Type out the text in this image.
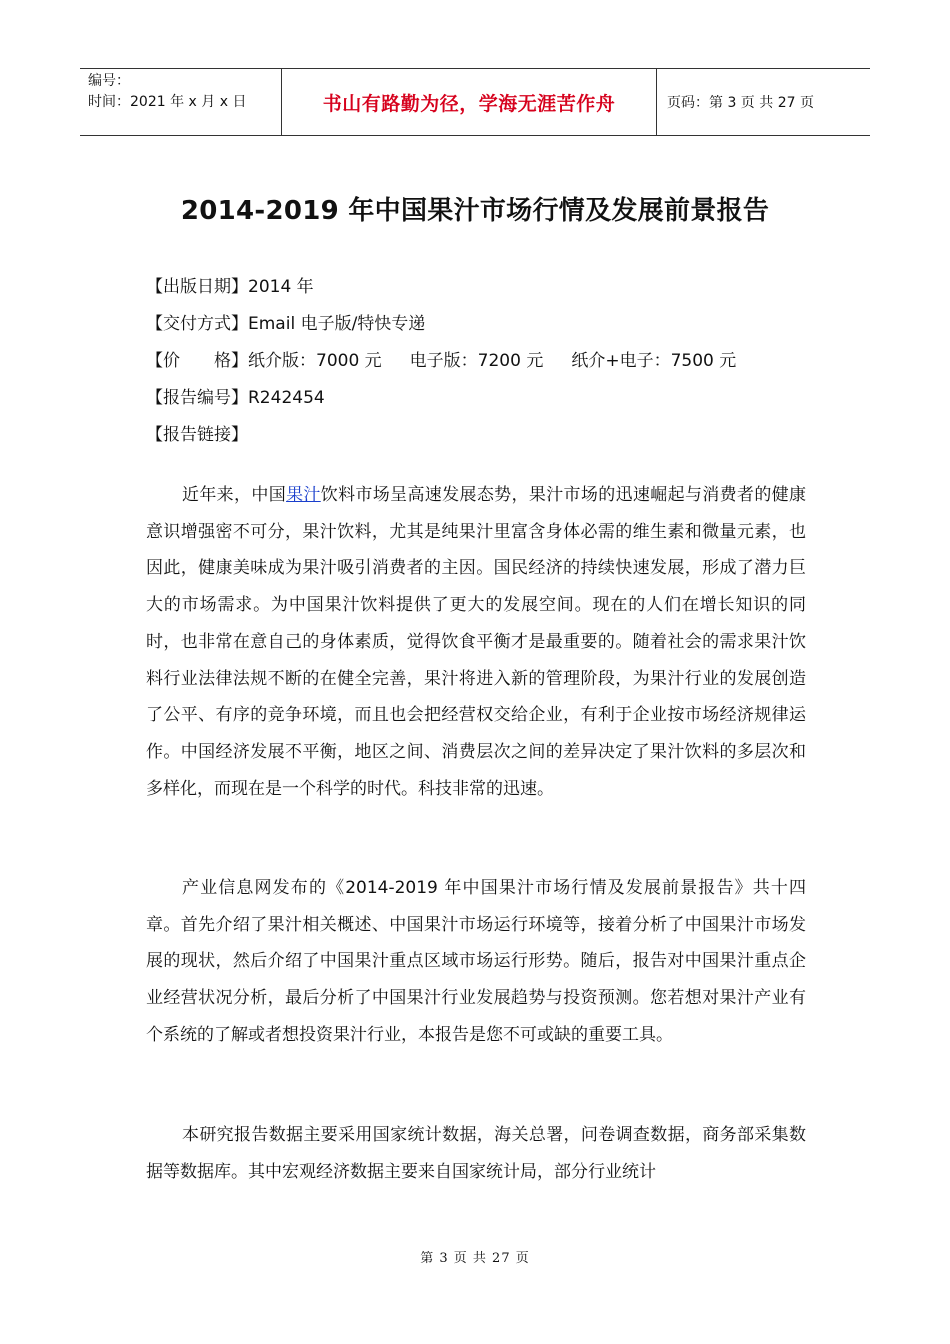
编号：
时间：2021 年 x 月 x 日	书山有路勤为径，学海无涯苦作舟	页码：第 3 页 共 27 页
2014-2019 年中国果汁市场行情及发展前景报告
【出版日期】2014 年
【交付方式】Email 电子版/特快专递
【价　　格】纸介版：7000 元 电子版：7200 元 纸介+电子：7500 元
【报告编号】R242454
【报告链接】

近年来，中国果汁饮料市场呈高速发展态势，果汁市场的迅速崛起与消费者的健康意识增强密不可分，果汁饮料，尤其是纯果汁里富含身体必需的维生素和微量元素，也因此，健康美味成为果汁吸引消费者的主因。国民经济的持续快速发展，形成了潜力巨大的市场需求。为中国果汁饮料提供了更大的发展空间。现在的人们在增长知识的同时，也非常在意自己的身体素质，觉得饮食平衡才是最重要的。随着社会的需求果汁饮料行业法律法规不断的在健全完善，果汁将进入新的管理阶段，为果汁行业的发展创造了公平、有序的竞争环境，而且也会把经营权交给企业，有利于企业按市场经济规律运作。中国经济发展不平衡，地区之间、消费层次之间的差异决定了果汁饮料的多层次和多样化，而现在是一个科学的时代。科技非常的迅速。

产业信息网发布的《2014-2019 年中国果汁市场行情及发展前景报告》共十四章。首先介绍了果汁相关概述、中国果汁市场运行环境等，接着分析了中国果汁市场发展的现状，然后介绍了中国果汁重点区域市场运行形势。随后，报告对中国果汁重点企业经营状况分析，最后分析了中国果汁行业发展趋势与投资预测。您若想对果汁产业有个系统的了解或者想投资果汁行业，本报告是您不可或缺的重要工具。

本研究报告数据主要采用国家统计数据，海关总署，问卷调查数据，商务部采集数据等数据库。其中宏观经济数据主要来自国家统计局，部分行业统计

第 3 页 共 27 页
